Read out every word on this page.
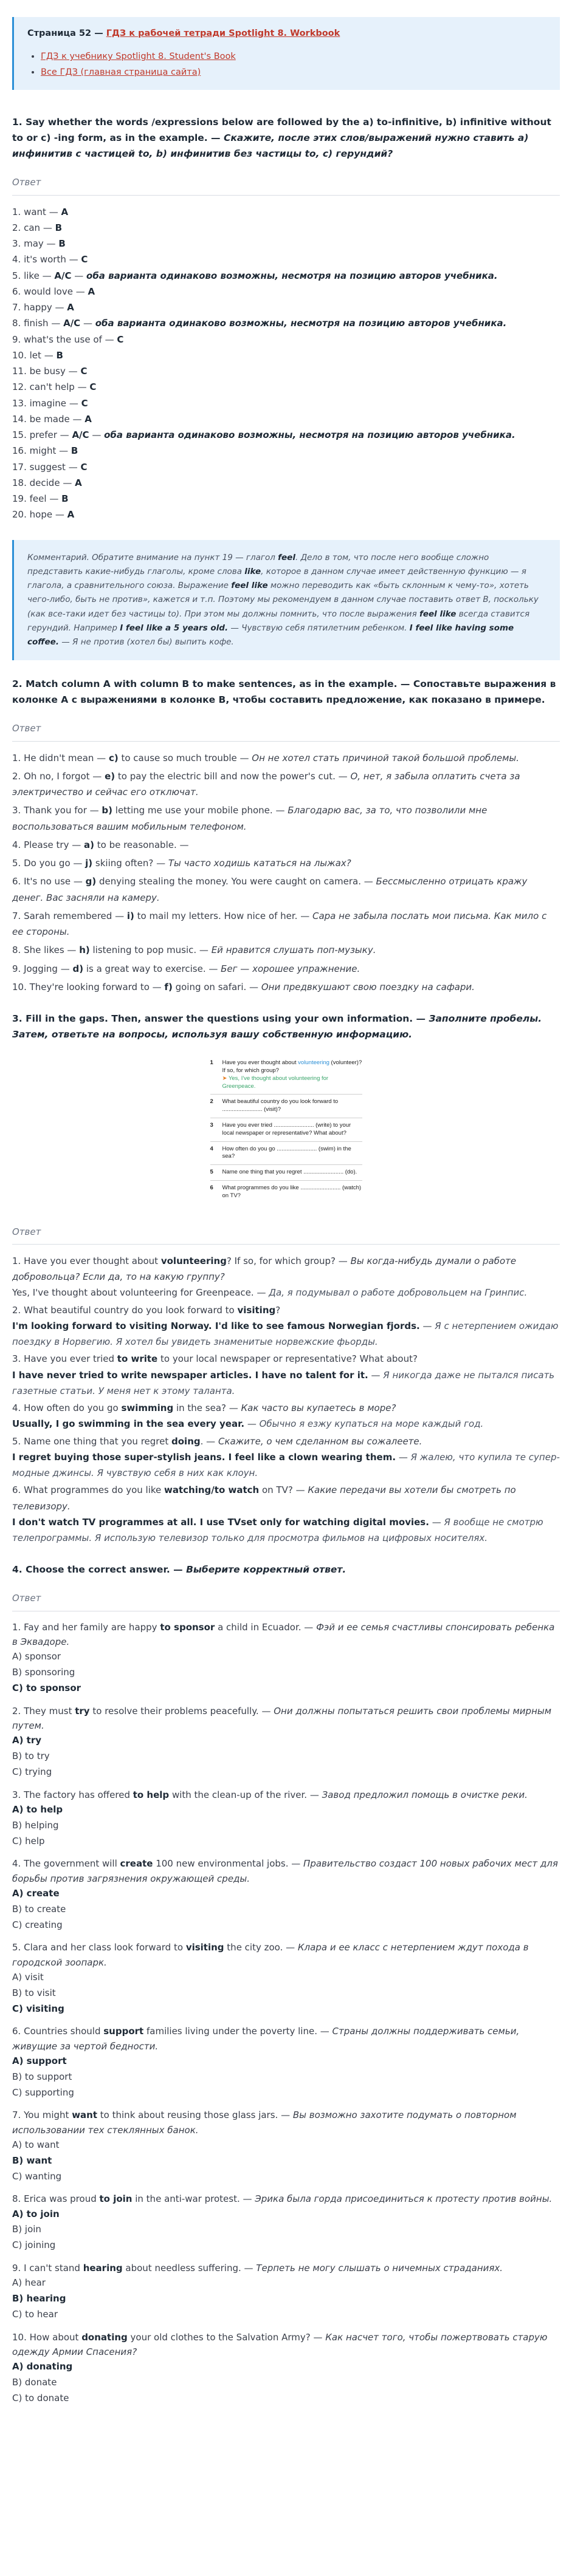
Страница 52 — ГДЗ к рабочей тетради Spotlight 8. Workbook
• ГДЗ к учебнику Spotlight 8. Student's Book
• Все ГДЗ (главная страница сайта)
1. Say whether the words /expressions below are followed by the a) to-infinitive, b) infinitive without to or c) -ing form, as in the example. — Скажите, после этих слов/выражений нужно ставить а) инфинитив с частицей to, b) инфинитив без частицы to, c) герундий?
Ответ
1. want — A
2. can — B
3. may — B
4. it's worth — C
5. like — A/C — оба варианта одинаково возможны, несмотря на позицию авторов учебника.
6. would love — A
7. happy — A
8. finish — A/C — оба варианта одинаково возможны, несмотря на позицию авторов учебника.
9. what's the use of — C
10. let — B
11. be busy — C
12. can't help — C
13. imagine — C
14. be made — A
15. prefer — A/C — оба варианта одинаково возможны, несмотря на позицию авторов учебника.
16. might — B
17. suggest — C
18. decide — A
19. feel — B
20. hope — A
Комментарий. Обратите внимание на пункт 19 — глагол feel. Дело в том, что после него вообще сложно представить какие-нибудь глаголы, кроме слова like, которое в данном случае имеет действенную функцию — я глагола, а сравнительного союза. Выражение feel like можно переводить как «быть склонным к чему-то», хотеть чего-либо, быть не против», кажется и т.п. Поэтому мы рекомендуем в данном случае поставить ответ B, поскольку (как все-таки идет без частицы to). При этом мы должны помнить, что после выражения feel like всегда ставится герундий. Например I feel like a 5 years old. — Чувствую себя пятилетним ребенком. I feel like having some coffee. — Я не против (хотел бы) выпить кофе.
2. Match column A with column B to make sentences, as in the example. — Сопоставьте выражения в колонке A с выражениями в колонке B, чтобы составить предложение, как показано в примере.
Ответ
1. He didn't mean — c) to cause so much trouble — Он не хотел стать причиной такой большой проблемы.
2. Oh no, I forgot — e) to pay the electric bill and now the power's cut. — О, нет, я забыла оплатить счета за электричество и сейчас его отключат.
3. Thank you for — b) letting me use your mobile phone. — Благодарю вас, за то, что позволили мне воспользоваться вашим мобильным телефоном.
4. Please try — a) to be reasonable. —
5. Do you go — j) skiing often? — Ты часто ходишь кататься на лыжах?
6. It's no use — g) denying stealing the money. You were caught on camera. — Бессмысленно отрицать кражу денег. Вас засняли на камеру.
7. Sarah remembered — i) to mail my letters. How nice of her. — Сара не забыла послать мои письма. Как мило с ее стороны.
8. She likes — h) listening to pop music. — Ей нравится слушать поп-музыку.
9. Jogging — d) is a great way to exercise. — Бег — хорошее упражнение.
10. They're looking forward to — f) going on safari. — Они предвкушают свою поездку на сафари.
3. Fill in the gaps. Then, answer the questions using your own information. — Заполните пробелы. Затем, ответьте на вопросы, используя вашу собственную информацию.
1	Have you ever thought about volunteering (volunteer)? If so, for which group?
➤ Yes, I've thought about volunteering for Greenpeace.
2	What beautiful country do you look forward to ......................... (visit)?
3	Have you ever tried ......................... (write) to your local newspaper or representative? What about?
4	How often do you go ......................... (swim) in the sea?
5	Name one thing that you regret ......................... (do).
6	What programmes do you like ......................... (watch) on TV?
Ответ
1. Have you ever thought about volunteering? If so, for which group? — Вы когда-нибудь думали о работе добровольца? Если да, то на какую группу?
Yes, I've thought about volunteering for Greenpeace. — Да, я подумывал о работе добровольцем на Гринпис.
2. What beautiful country do you look forward to visiting?
I'm looking forward to visiting Norway. I'd like to see famous Norwegian fjords. — Я с нетерпением ожидаю поездку в Норвегию. Я хотел бы увидеть знаменитые норвежские фьорды.
3. Have you ever tried to write to your local newspaper or representative? What about?
I have never tried to write newspaper articles. I have no talent for it. — Я никогда даже не пытался писать газетные статьи. У меня нет к этому таланта.
4. How often do you go swimming in the sea? — Как часто вы купаетесь в море?
Usually, I go swimming in the sea every year. — Обычно я езжу купаться на море каждый год.
5. Name one thing that you regret doing. — Скажите, о чем сделанном вы сожалеете.
I regret buying those super-stylish jeans. I feel like a clown wearing them. — Я жалею, что купила те супер-модные джинсы. Я чувствую себя в них как клоун.
6. What programmes do you like watching/to watch on TV? — Какие передачи вы хотели бы смотреть по телевизору.
I don't watch TV programmes at all. I use TVset only for watching digital movies. — Я вообще не смотрю телепрограммы. Я использую телевизор только для просмотра фильмов на цифровых носителях.
4. Choose the correct answer. — Выберите корректный ответ.
Ответ
1. Fay and her family are happy to sponsor a child in Ecuador. — Фэй и ее семья счастливы спонсировать ребенка в Эквадоре.
A) sponsor
B) sponsoring
C) to sponsor
2. They must try to resolve their problems peacefully. — Они должны попытаться решить свои проблемы мирным путем.
A) try
B) to try
C) trying
3. The factory has offered to help with the clean-up of the river. — Завод предложил помощь в очистке реки.
A) to help
B) helping
C) help
4. The government will create 100 new environmental jobs. — Правительство создаст 100 новых рабочих мест для борьбы против загрязнения окружающей среды.
A) create
B) to create
C) creating
5. Clara and her class look forward to visiting the city zoo. — Клара и ее класс с нетерпением ждут похода в городской зоопарк.
A) visit
B) to visit
C) visiting
6. Countries should support families living under the poverty line. — Страны должны поддерживать семьи, живущие за чертой бедности.
A) support
B) to support
C) supporting
7. You might want to think about reusing those glass jars. — Вы возможно захотите подумать о повторном использовании тех стеклянных банок.
A) to want
B) want
C) wanting
8. Erica was proud to join in the anti-war protest. — Эрика была горда присоединиться к протесту против войны.
A) to join
B) join
C) joining
9. I can't stand hearing about needless suffering. — Терпеть не могу слышать о ничемных страданиях.
A) hear
B) hearing
C) to hear
10. How about donating your old clothes to the Salvation Army? — Как насчет того, чтобы пожертвовать старую одежду Армии Спасения?
A) donating
B) donate
C) to donate
